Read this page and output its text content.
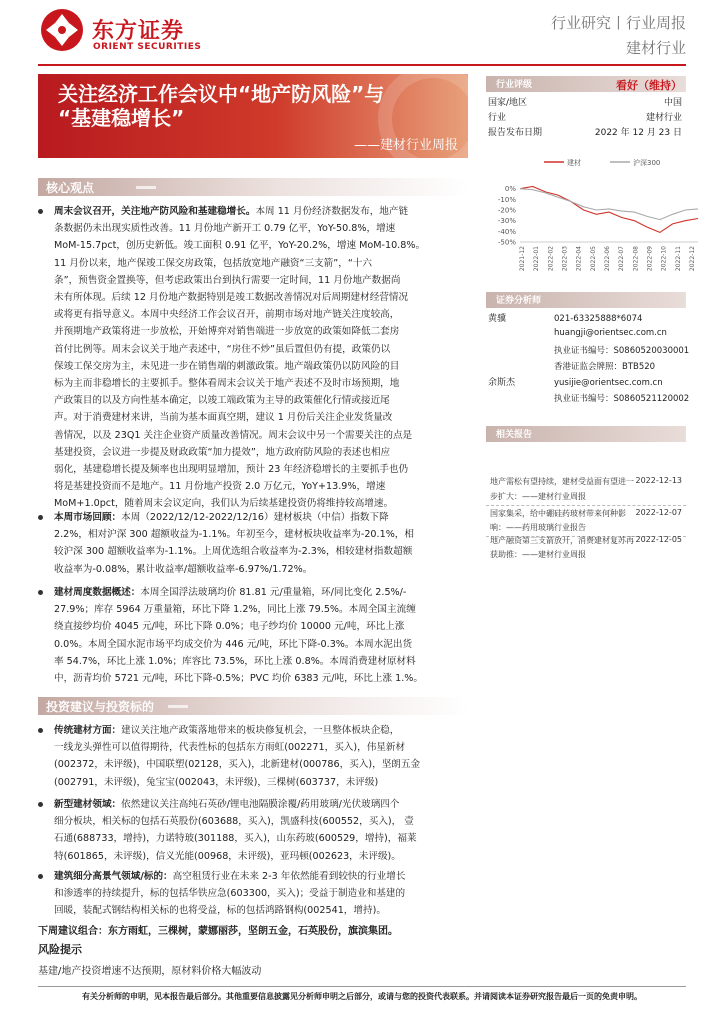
东方证券
ORIENT SECURITIES
行业研究丨行业周报
建材行业
关注经济工作会议中“地产防风险”与
“基建稳增长”
——建材行业周报
行业评级	看好（维持）
国家/地区	中国
行业	建材行业
报告发布日期	2022 年 12 月 23 日
建材	沪深300
0%
-10%
-20%
-30%
-40%
-50%
2021-12 2022-01 2022-02 2022-03 2022-04 2022-05 2022-06 2022-07 2022-08 2022-09 2022-10 2022-11 2022-12
证券分析师
黄骥	021-63325888*6074
huangji@orientsec.com.cn
执业证书编号：S0860520030001
香港证监会牌照：BTB520
余斯杰	yusijie@orientsec.com.cn
执业证书编号：S0860521120002
相关报告
地产需松有望持续，建材受益面有望进一 2022-12-13
步扩大：——建材行业周报
国家集采，给中硼硅药玻材带来何种影 2022-12-07
响：——药用玻璃行业报告
地产融资第三支箭放开，消费建材复苏再 2022-12-05
获助推：——建材行业周报
核心观点
周末会议召开，关注地产防风险和基建稳增长。本周 11 月份经济数据发布，地产链
条数据仍未出现实质性改善。11 月份地产新开工 0.79 亿平，YoY-50.8%，增速
MoM-15.7pct，创历史新低。竣工面积 0.91 亿平，YoY-20.2%，增速 MoM-10.8%。
11 月份以来，地产保竣工保交房政策，包括放宽地产融资“三支箭”，“十六
条”，预售资金置换等，但考虑政策出台到执行需要一定时间，11 月份地产数据尚
未有所体现。后续 12 月份地产数据特别是竣工数据改善情况对后周期建材经营情况
或将更有指导意义。本周中央经济工作会议召开，前期市场对地产链关注度较高，
并预期地产政策将进一步放松，开始博弈对销售端进一步放宽的政策如降低二套房
首付比例等。周末会议关于地产表述中，“房住不炒”虽后置但仍有提，政策仍以
保竣工保交房为主，未见进一步在销售端的刺激政策。地产端政策仍以防风险的目
标为主而非稳增长的主要抓手。整体看周末会议关于地产表述不及时市场预期，地
产政策目的以及方向性基本确定，以竣工端政策为主导的政策催化行情或接近尾
声。对于消费建材来讲，当前为基本面真空期，建议 1 月份后关注企业发货量改
善情况，以及 23Q1 关注企业资产质量改善情况。周末会议中另一个需要关注的点是
基建投资，会议进一步提及财政政策“加力提效”，地方政府防风险的表述也相应
弱化，基建稳增长提及频率也出现明显增加，预计 23 年经济稳增长的主要抓手也仍
将是基建投资而不是地产。11 月份地产投资 2.0 万亿元，YoY+13.9%，增速
MoM+1.0pct，随着周末会议定向，我们认为后续基建投资仍将维持较高增速。
本周市场回顾：本周（2022/12/12-2022/12/16）建材板块（中信）指数下降
2.2%，相对沪深 300 超额收益为-1.1%。年初至今，建材板块收益率为-20.1%，相
较沪深 300 超额收益率为-1.1%。上周优选组合收益率为-2.3%，相较建材指数超额
收益率为-0.08%，累计收益率/超额收益率-6.97%/1.72%。
建材周度数据概述：本周全国浮法玻璃均价 81.81 元/重量箱，环/同比变化 2.5%/-
27.9%；库存 5964 万重量箱，环比下降 1.2%，同比上涨 79.5%。本周全国主流缠
绕直接纱均价 4045 元/吨，环比下降 0.0%；电子纱均价 10000 元/吨，环比上涨
0.0%。本周全国水泥市场平均成交价为 446 元/吨，环比下降-0.3%。本周水泥出货
率 54.7%，环比上涨 1.0%；库容比 73.5%，环比上涨 0.8%。本周消费建材原材料
中，沥青均价 5721 元/吨，环比下降-0.5%；PVC 均价 6383 元/吨，环比上涨 1.%。
投资建议与投资标的
传统建材方面：建议关注地产政策落地带来的板块修复机会，一旦整体板块企稳，
一线龙头弹性可以值得期待，代表性标的包括东方雨虹(002271，买入)，伟星新材
(002372，未评级)，中国联塑(02128，买入)，北新建材(000786，买入)，坚朗五金
(002791，未评级)，兔宝宝(002043，未评级)，三棵树(603737，未评级)
新型建材领域：依然建议关注高纯石英砂/锂电池隔膜涂覆/药用玻璃/光伏玻璃四个
细分板块，相关标的包括石英股份(603688，买入)，凯盛科技(600552，买入)， 壹
石通(688733，增持)，力诺特玻(301188，买入)，山东药玻(600529，增持)，福莱
特(601865，未评级)，信义光能(00968，未评级)，亚玛顿(002623，未评级)。
建筑细分高景气领域/标的：高空租赁行业在未来 2-3 年依然能看到较快的行业增长
和渗透率的持续提升，标的包括华铁应急(603300，买入)；受益于制造业和基建的
回暖，装配式钢结构相关标的也将受益，标的包括鸿路钢构(002541，增持)。
下周建议组合：东方雨虹，三棵树，蒙娜丽莎，坚朗五金，石英股份，旗滨集团。
风险提示
基建/地产投资增速不达预期，原材料价格大幅波动
有关分析师的申明，见本报告最后部分。其他重要信息披露见分析师申明之后部分，或请与您的投资代表联系。并请阅读本证券研究报告最后一页的免责申明。
